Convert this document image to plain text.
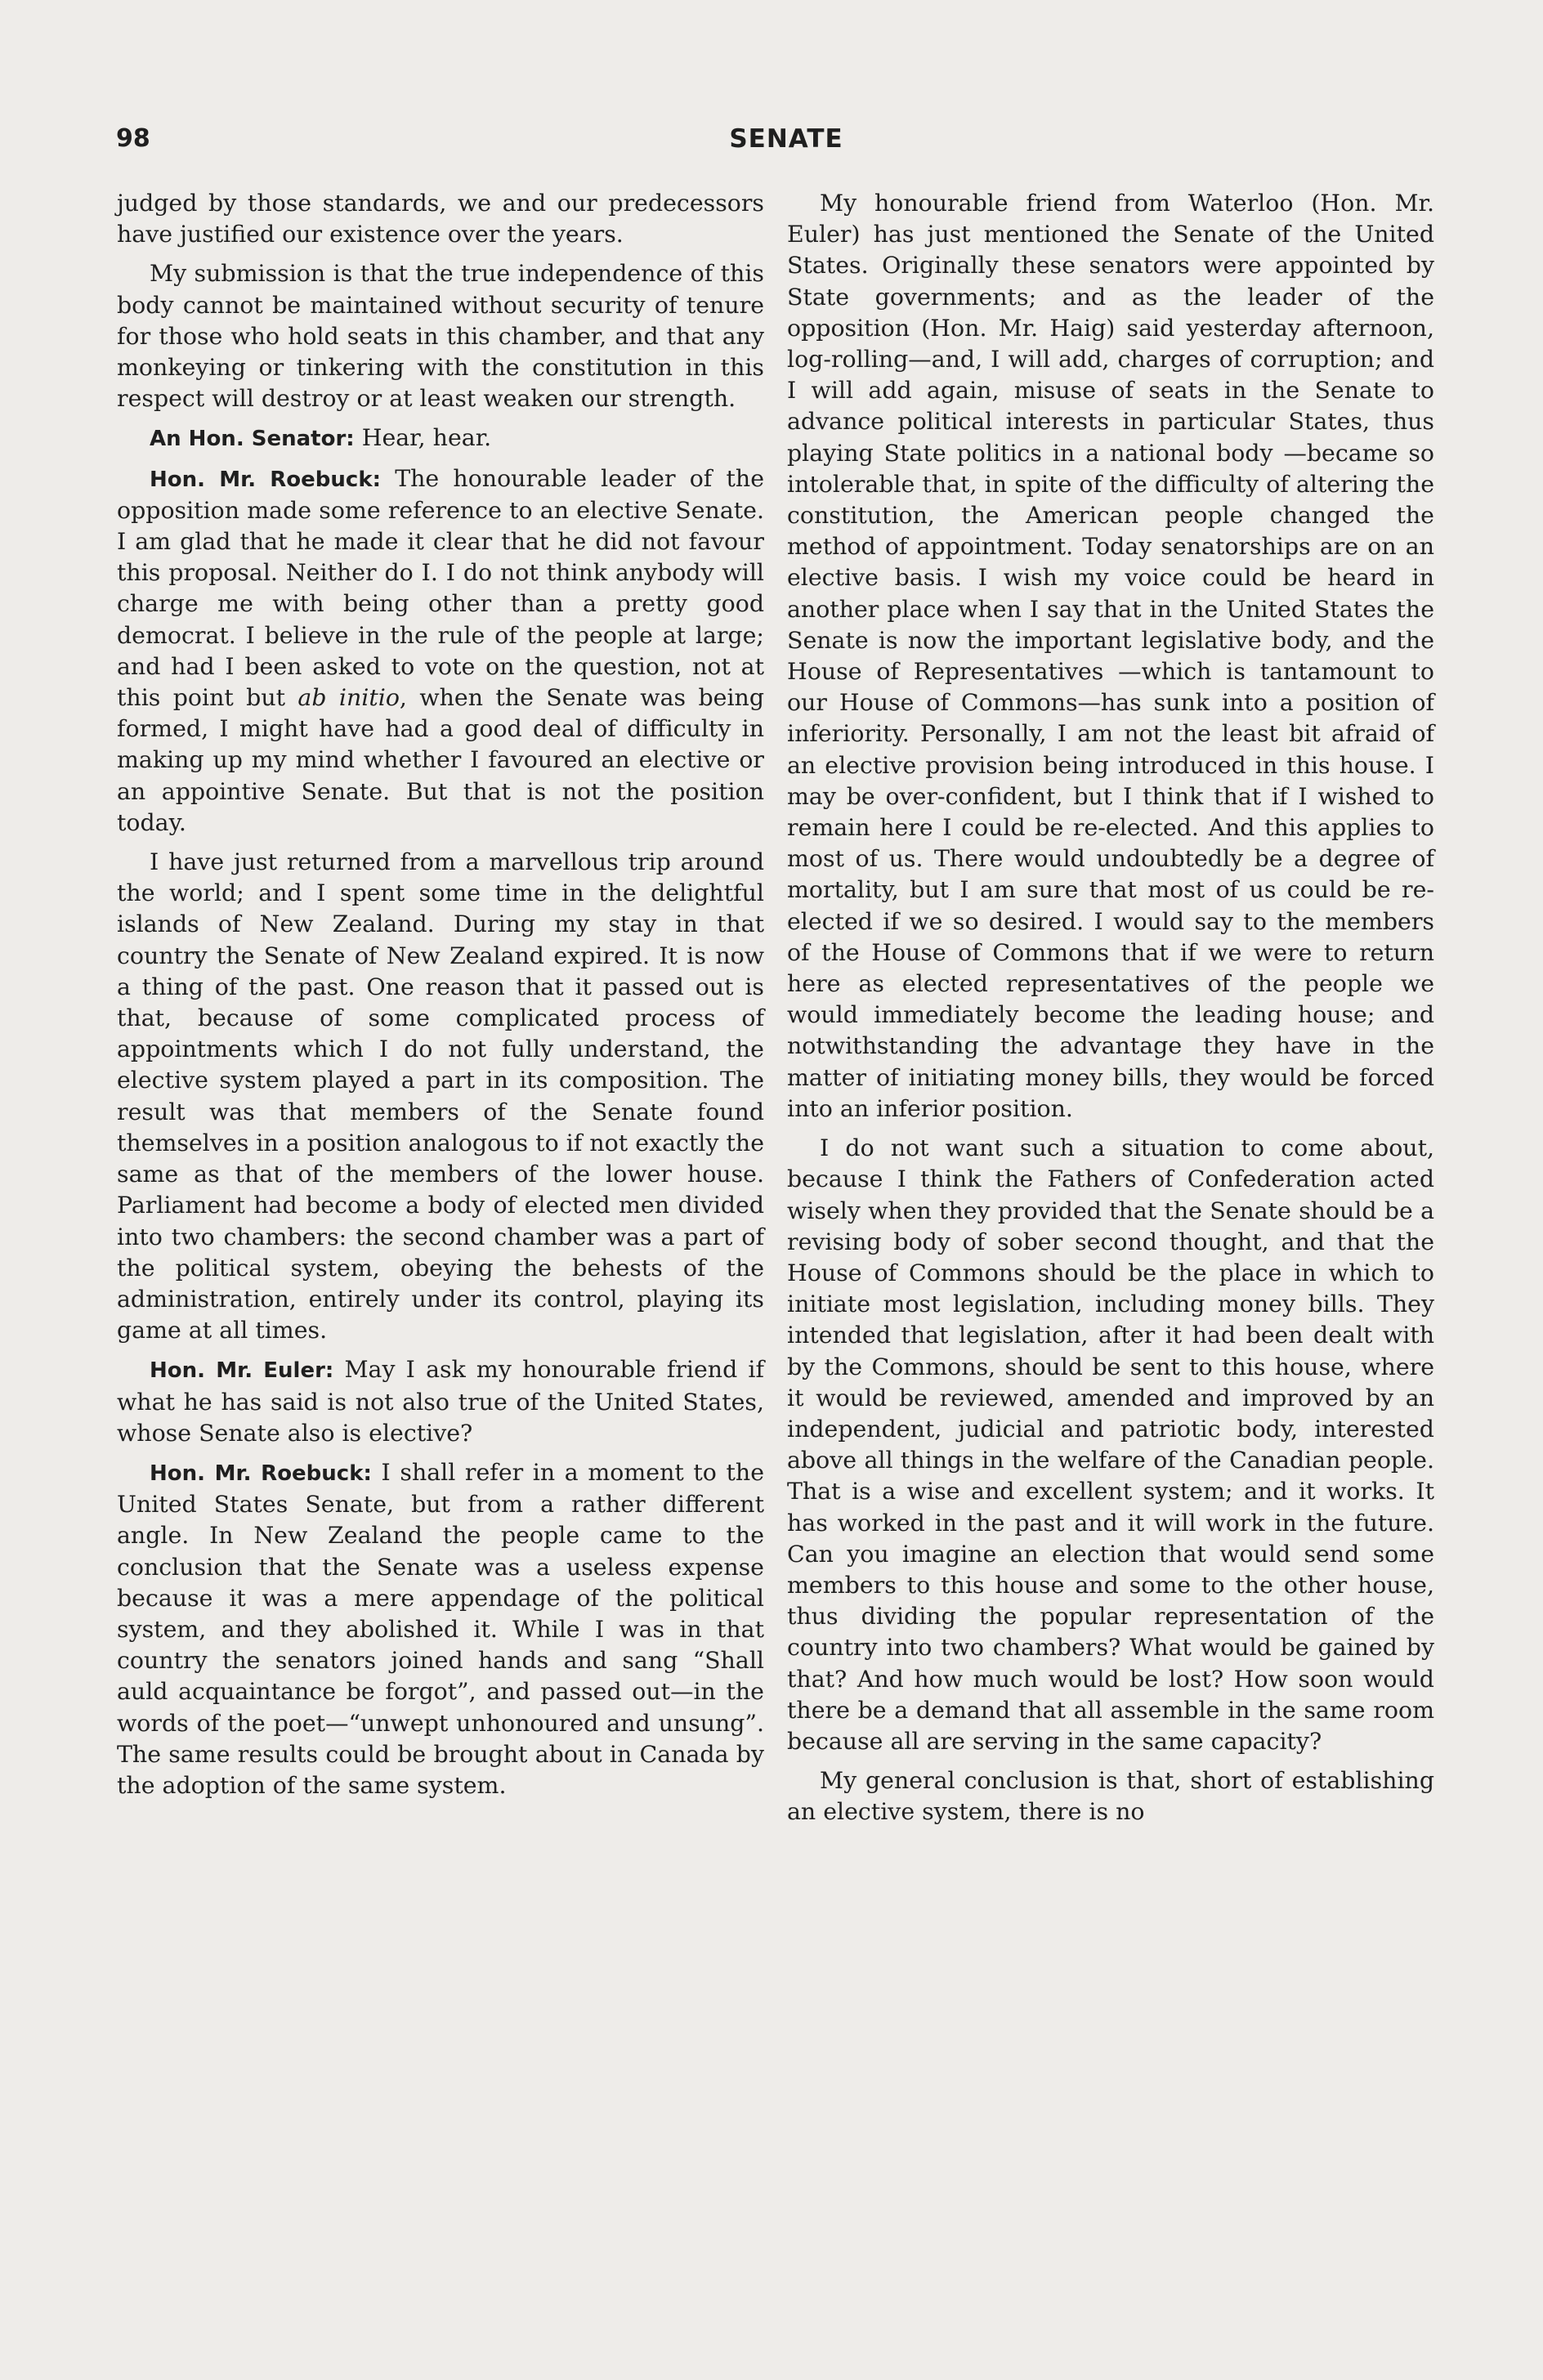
98	SENATE

judged by those standards, we and our predecessors have justified our existence over the years.

My submission is that the true independence of this body cannot be maintained without security of tenure for those who hold seats in this chamber, and that any monkeying or tinkering with the constitution in this respect will destroy or at least weaken our strength.

An Hon. Senator: Hear, hear.

Hon. Mr. Roebuck: The honourable leader of the opposition made some reference to an elective Senate. I am glad that he made it clear that he did not favour this proposal. Neither do I. I do not think anybody will charge me with being other than a pretty good democrat. I believe in the rule of the people at large; and had I been asked to vote on the question, not at this point but ab initio, when the Senate was being formed, I might have had a good deal of difficulty in making up my mind whether I favoured an elective or an appointive Senate. But that is not the position today.

I have just returned from a marvellous trip around the world; and I spent some time in the delightful islands of New Zealand. During my stay in that country the Senate of New Zealand expired. It is now a thing of the past. One reason that it passed out is that, because of some complicated process of appointments which I do not fully understand, the elective system played a part in its composition. The result was that members of the Senate found themselves in a position analogous to if not exactly the same as that of the members of the lower house. Parliament had become a body of elected men divided into two chambers: the second chamber was a part of the political system, obeying the behests of the administration, entirely under its control, playing its game at all times.

Hon. Mr. Euler: May I ask my honourable friend if what he has said is not also true of the United States, whose Senate also is elective?

Hon. Mr. Roebuck: I shall refer in a moment to the United States Senate, but from a rather different angle. In New Zealand the people came to the conclusion that the Senate was a useless expense because it was a mere appendage of the political system, and they abolished it. While I was in that country the senators joined hands and sang “Shall auld acquaintance be forgot”, and passed out—in the words of the poet—“unwept unhonoured and unsung”. The same results could be brought about in Canada by the adoption of the same system.

My honourable friend from Waterloo (Hon. Mr. Euler) has just mentioned the Senate of the United States. Originally these senators were appointed by State governments; and as the leader of the opposition (Hon. Mr. Haig) said yesterday afternoon, log-rolling—and, I will add, charges of corruption; and I will add again, misuse of seats in the Senate to advance political interests in particular States, thus playing State politics in a national body —became so intolerable that, in spite of the difficulty of altering the constitution, the American people changed the method of appointment. Today senatorships are on an elective basis. I wish my voice could be heard in another place when I say that in the United States the Senate is now the important legislative body, and the House of Representatives —which is tantamount to our House of Commons—has sunk into a position of inferiority. Personally, I am not the least bit afraid of an elective provision being introduced in this house. I may be over-confident, but I think that if I wished to remain here I could be re-elected. And this applies to most of us. There would undoubtedly be a degree of mortality, but I am sure that most of us could be re-elected if we so desired. I would say to the members of the House of Commons that if we were to return here as elected representatives of the people we would immediately become the leading house; and notwithstanding the advantage they have in the matter of initiating money bills, they would be forced into an inferior position.

I do not want such a situation to come about, because I think the Fathers of Confederation acted wisely when they provided that the Senate should be a revising body of sober second thought, and that the House of Commons should be the place in which to initiate most legislation, including money bills. They intended that legislation, after it had been dealt with by the Commons, should be sent to this house, where it would be reviewed, amended and improved by an independent, judicial and patriotic body, interested above all things in the welfare of the Canadian people. That is a wise and excellent system; and it works. It has worked in the past and it will work in the future. Can you imagine an election that would send some members to this house and some to the other house, thus dividing the popular representation of the country into two chambers? What would be gained by that? And how much would be lost? How soon would there be a demand that all assemble in the same room because all are serving in the same capacity?

My general conclusion is that, short of establishing an elective system, there is no
